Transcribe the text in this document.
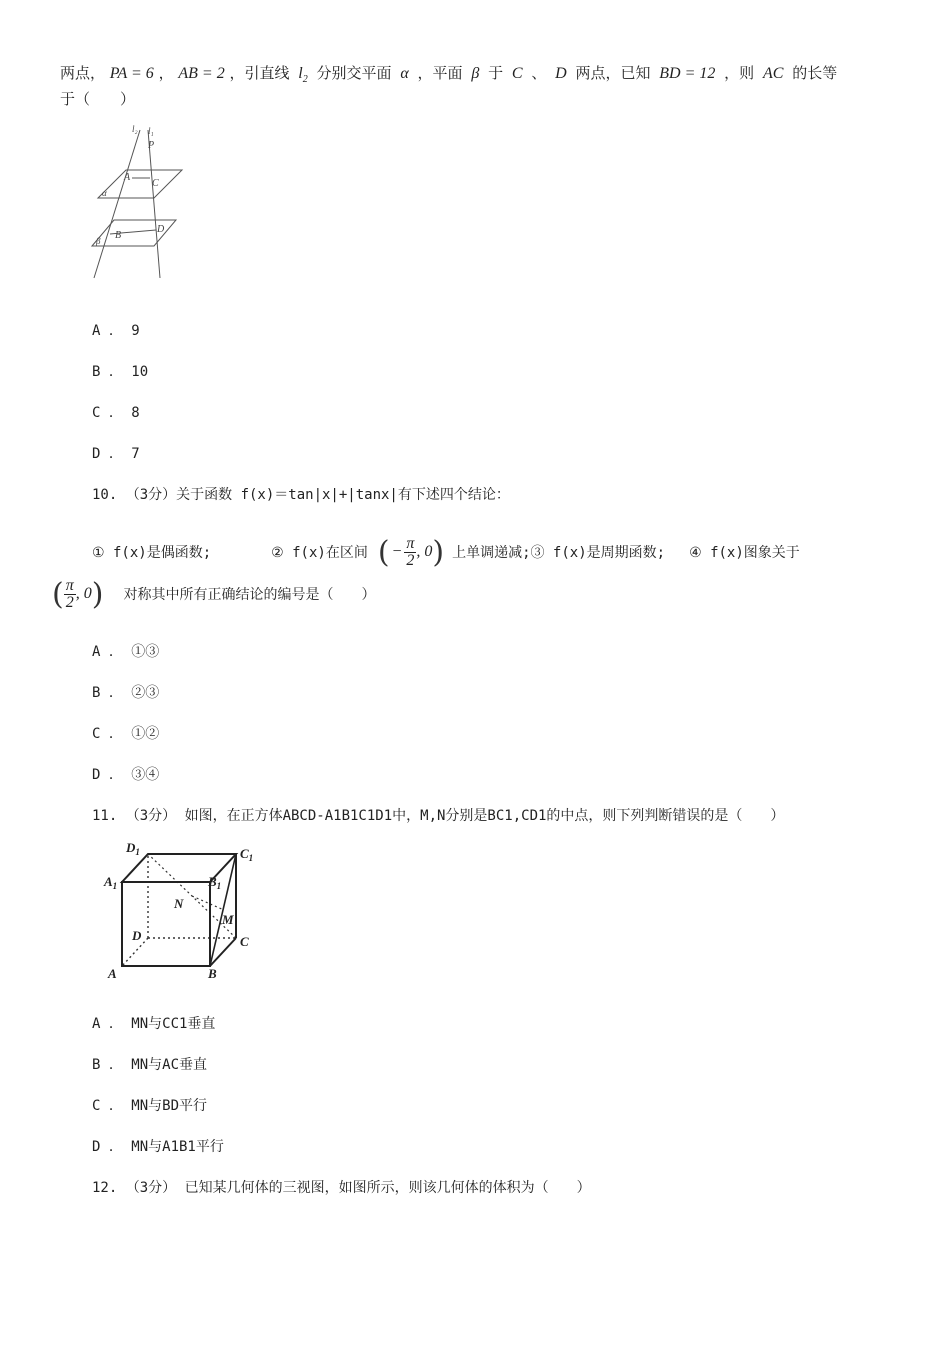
两点， PA = 6 ， AB = 2 ，引直线 $l_2$ 分别交平面 α ，平面 β 于 C 、 D 两点，已知 BD = 12 ，则 AC 的长等
于（　　）
l₂ l₁
P
A
C
α
B
D
β
A ． 9
B ． 10
C ． 8
D ． 7
10. （3分）关于函数 f(x)＝tan|x|+|tanx|有下述四个结论：
① f(x)是偶函数;	② f(x)在区间 ( − $\frac{\pi}{2}$ , 0 ) 上单调递减;③ f(x)是周期函数; ④ f(x)图象关于
( $\frac{\pi}{2}$ , 0 ) 对称其中所有正确结论的编号是（　　）
A ． ①③
B ． ②③
C ． ①②
D ． ③④
11. （3分） 如图，在正方体ABCD-A1B1C1D1中，M,N分别是BC1,CD1的中点，则下列判断错误的是（　　）
$D_1$	$C_1$
$A_1$	$B_1$
N
M
D	C
A	B
A ． MN与CC1垂直
B ． MN与AC垂直
C ． MN与BD平行
D ． MN与A1B1平行
12. （3分） 已知某几何体的三视图，如图所示，则该几何体的体积为（　　）
